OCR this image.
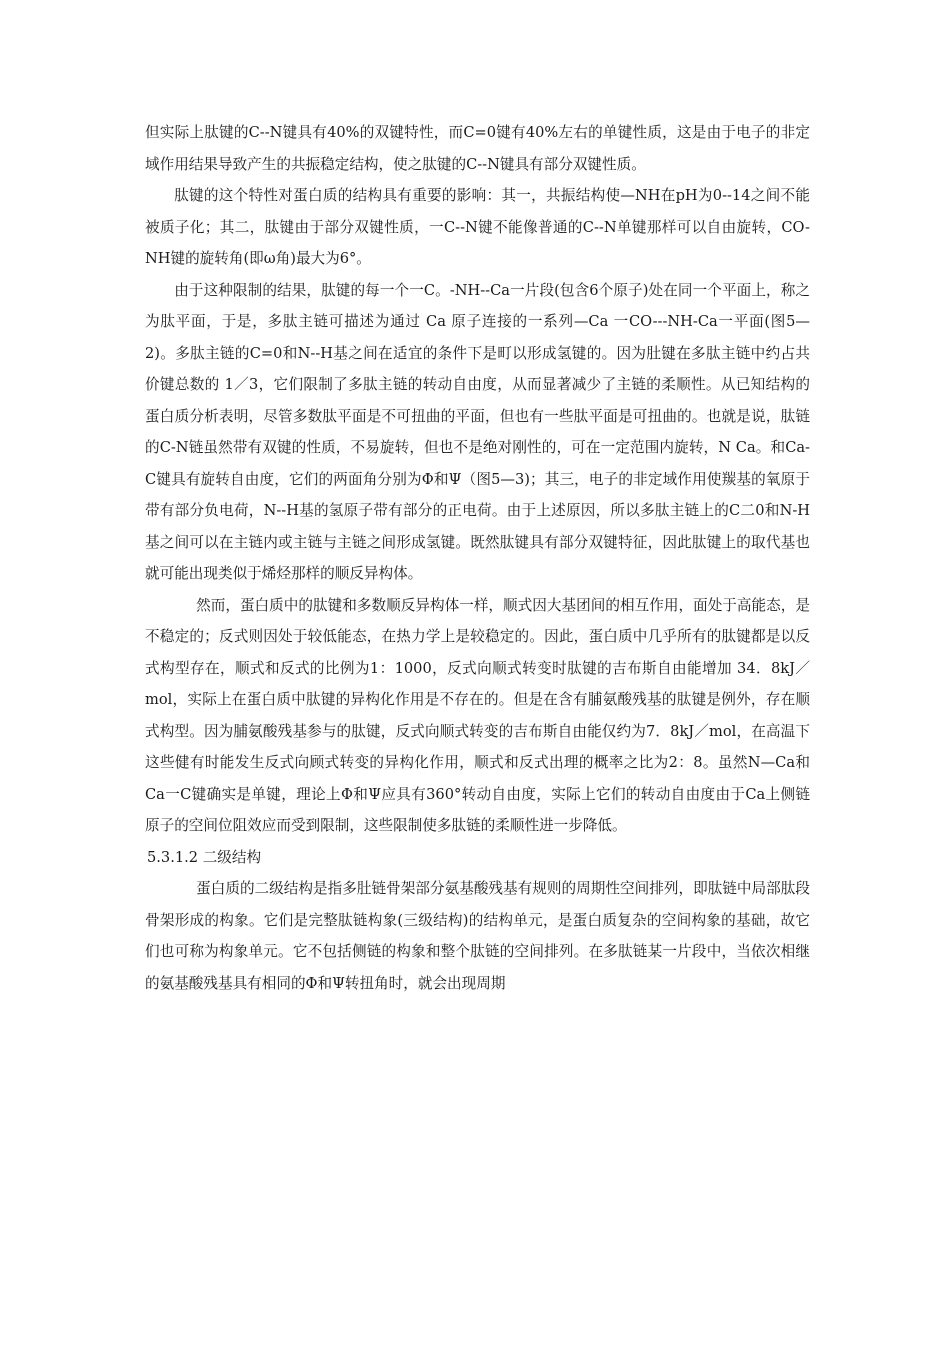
但实际上肽键的C--N键具有40%的双键特性，而C=0键有40%左右的单键性质，这是由于电子的非定域作用结果导致产生的共振稳定结构，使之肽键的C--N键具有部分双键性质。

肽键的这个特性对蛋白质的结构具有重要的影响：其一，共振结构使—NH在pH为0--14之间不能被质子化；其二，肽键由于部分双键性质，一C--N键不能像普通的C--N单键那样可以自由旋转，CO-NH键的旋转角(即ω角)最大为6°。

由于这种限制的结果，肽键的每一个一C。-NH--Ca一片段(包含6个原子)处在同一个平面上，称之为肽平面，于是，多肽主链可描述为通过 Ca 原子连接的一系列—Ca 一CO---NH-Ca一平面(图5—2)。多肽主链的C=0和N--H基之间在适宜的条件下是町以形成氢键的。因为肚键在多肽主链中约占共价键总数的 1／3，它们限制了多肽主链的转动自由度，从而显著减少了主链的柔顺性。从已知结构的蛋白质分析表明，尽管多数肽平面是不可扭曲的平面，但也有一些肽平面是可扭曲的。也就是说，肽链的C-N链虽然带有双键的性质，不易旋转，但也不是绝对刚性的，可在一定范围内旋转，N Ca。和Ca-C键具有旋转自由度，它们的两面角分别为Φ和Ψ（图5—3)；其三，电子的非定域作用使羰基的氧原于带有部分负电荷，N--H基的氢原子带有部分的正电荷。由于上述原因，所以多肽主链上的C二0和N-H基之间可以在主链内或主链与主链之间形成氢键。既然肽键具有部分双键特征，因此肽键上的取代基也就可能出现类似于烯烃那样的顺反异构体。

然而，蛋白质中的肽键和多数顺反异构体一样，顺式因大基团间的相互作用，面处于高能态，是不稳定的；反式则因处于较低能态，在热力学上是较稳定的。因此，蛋白质中几乎所有的肽键都是以反式构型存在，顺式和反式的比例为1：1000，反式向顺式转变时肽键的吉布斯自由能增加 34．8kJ／mol，实际上在蛋白质中肽键的异构化作用是不存在的。但是在含有脯氨酸残基的肽键是例外，存在顺式构型。因为脯氨酸残基参与的肽键，反式向顺式转变的吉布斯自由能仅约为7．8kJ／mol，在高温下这些健有时能发生反式向顾式转变的异构化作用，顺式和反式出理的概率之比为2：8。虽然N—Ca和Ca一C键确实是单键，理论上Φ和Ψ应具有360°转动自由度，实际上它们的转动自由度由于Ca上侧链原子的空间位阻效应而受到限制，这些限制使多肽链的柔顺性进一步降低。

5.3.1.2 二级结构

蛋白质的二级结构是指多肚链骨架部分氨基酸残基有规则的周期性空间排列，即肽链中局部肽段骨架形成的构象。它们是完整肽链构象(三级结构)的结构单元，是蛋白质复杂的空间构象的基础，故它们也可称为构象单元。它不包括侧链的构象和整个肽链的空间排列。在多肽链某一片段中，当依次相继的氨基酸残基具有相同的Φ和Ψ转扭角时，就会出现周期
